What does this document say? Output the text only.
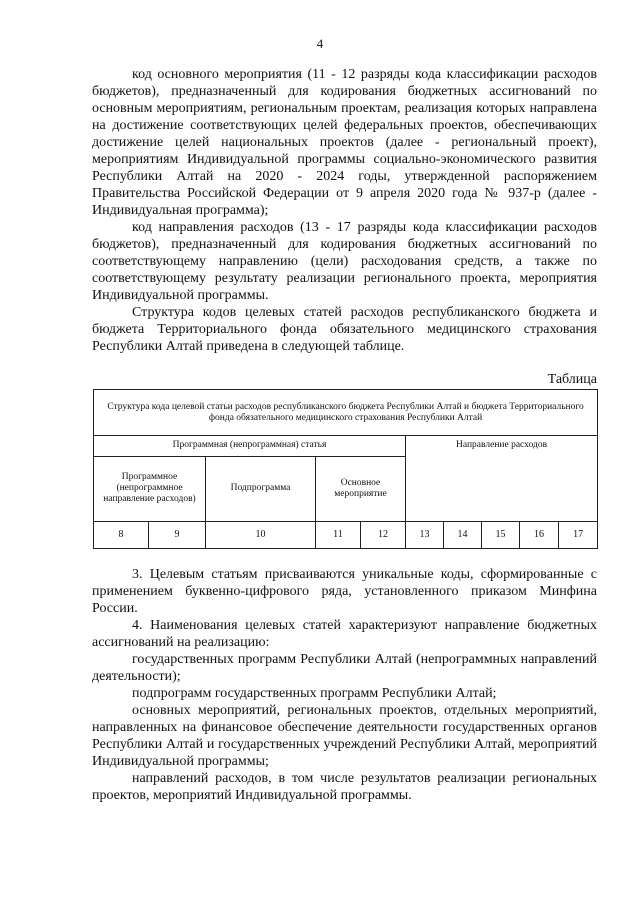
4

код основного мероприятия (11 - 12 разряды кода классификации расходов бюджетов), предназначенный для кодирования бюджетных ассигнований по основным мероприятиям, региональным проектам, реализация которых направлена на достижение соответствующих целей федеральных проектов, обеспечивающих достижение целей национальных проектов (далее - региональный проект), мероприятиям Индивидуальной программы социально-экономического развития Республики Алтай на 2020 - 2024 годы, утвержденной распоряжением Правительства Российской Федерации от 9 апреля 2020 года № 937-р (далее - Индивидуальная программа);

код направления расходов (13 - 17 разряды кода классификации расходов бюджетов), предназначенный для кодирования бюджетных ассигнований по соответствующему направлению (цели) расходования средств, а также по соответствующему результату реализации регионального проекта, мероприятия Индивидуальной программы.

Структура кодов целевых статей расходов республиканского бюджета и бюджета Территориального фонда обязательного медицинского страхования Республики Алтай приведена в следующей таблице.

Таблица
Структура кода целевой статьи расходов республиканского бюджета Республики Алтай и бюджета Территориального фонда обязательного медицинского страхования Республики Алтай									
Программная (непрограммная) статья					Направление расходов				
Программное (непрограммное направление расходов)		Подпрограмма	Основное мероприятие						
8	9	10	11	12	13	14	15	16	17

3. Целевым статьям присваиваются уникальные коды, сформированные с применением буквенно-цифрового ряда, установленного приказом Минфина России.

4. Наименования целевых статей характеризуют направление бюджетных ассигнований на реализацию:

государственных программ Республики Алтай (непрограммных направлений деятельности);

подпрограмм государственных программ Республики Алтай;

основных мероприятий, региональных проектов, отдельных мероприятий, направленных на финансовое обеспечение деятельности государственных органов Республики Алтай и государственных учреждений Республики Алтай, мероприятий Индивидуальной программы;

направлений расходов, в том числе результатов реализации региональных проектов, мероприятий Индивидуальной программы.
